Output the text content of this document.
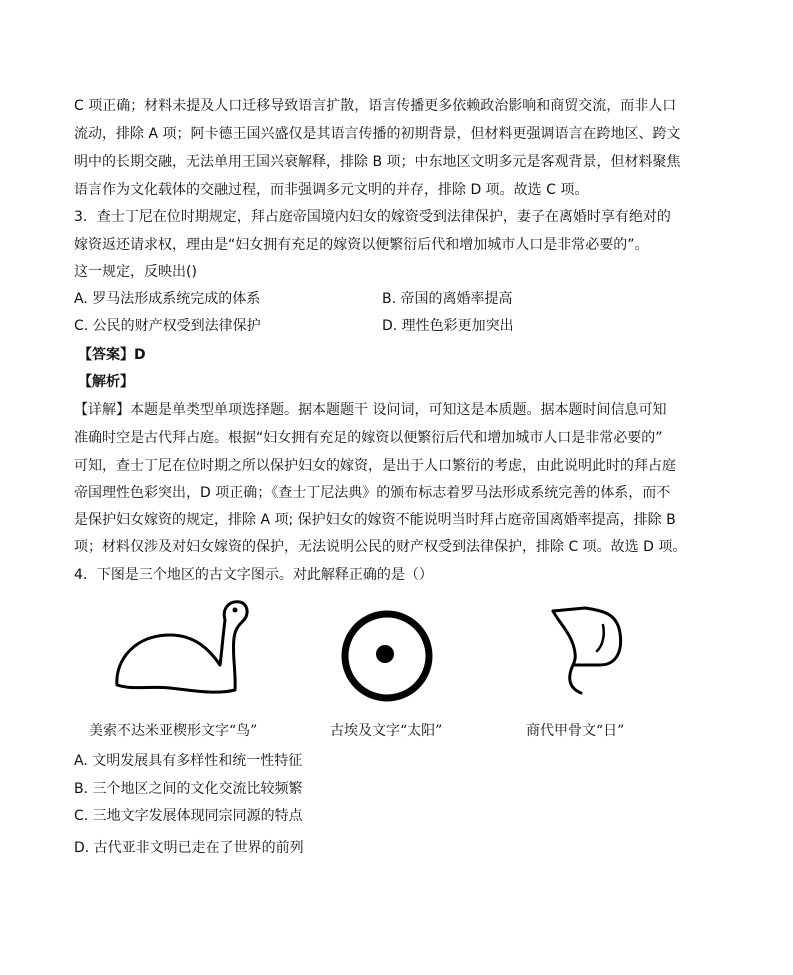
C 项正确；材料未提及人口迁移导致语言扩散，语言传播更多依赖政治影响和商贸交流，而非人口
流动，排除 A 项；阿卡德王国兴盛仅是其语言传播的初期背景，但材料更强调语言在跨地区、跨文
明中的长期交融，无法单用王国兴衰解释，排除 B 项；中东地区文明多元是客观背景，但材料聚焦
语言作为文化载体的交融过程，而非强调多元文明的并存，排除 D 项。故选 C 项。
3．查士丁尼在位时期规定，拜占庭帝国境内妇女的嫁资受到法律保护，妻子在离婚时享有绝对的
嫁资返还请求权，理由是“妇女拥有充足的嫁资以便繁衍后代和增加城市人口是非常必要的”。
这一规定，反映出()
A. 罗马法形成系统完成的体系	B. 帝国的离婚率提高
C. 公民的财产权受到法律保护	D. 理性色彩更加突出
【答案】D
【解析】
【详解】本题是单类型单项选择题。据本题题干 设问词，可知这是本质题。据本题时间信息可知
准确时空是古代拜占庭。根据“妇女拥有充足的嫁资以便繁衍后代和增加城市人口是非常必要的”
可知，查士丁尼在位时期之所以保护妇女的嫁资，是出于人口繁衍的考虑，由此说明此时的拜占庭
帝国理性色彩突出，D 项正确；《查士丁尼法典》的颁布标志着罗马法形成系统完善的体系，而不
是保护妇女嫁资的规定，排除 A 项; 保护妇女的嫁资不能说明当时拜占庭帝国离婚率提高，排除 B
项；材料仅涉及对妇女嫁资的保护，无法说明公民的财产权受到法律保护，排除 C 项。故选 D 项。
4．下图是三个地区的古文字图示。对此解释正确的是（）
美索不达米亚楔形文字“鸟”	古埃及文字“太阳”	商代甲骨文“日”
A. 文明发展具有多样性和统一性特征
B. 三个地区之间的文化交流比较频繁
C. 三地文字发展体现同宗同源的特点
D. 古代亚非文明已走在了世界的前列
